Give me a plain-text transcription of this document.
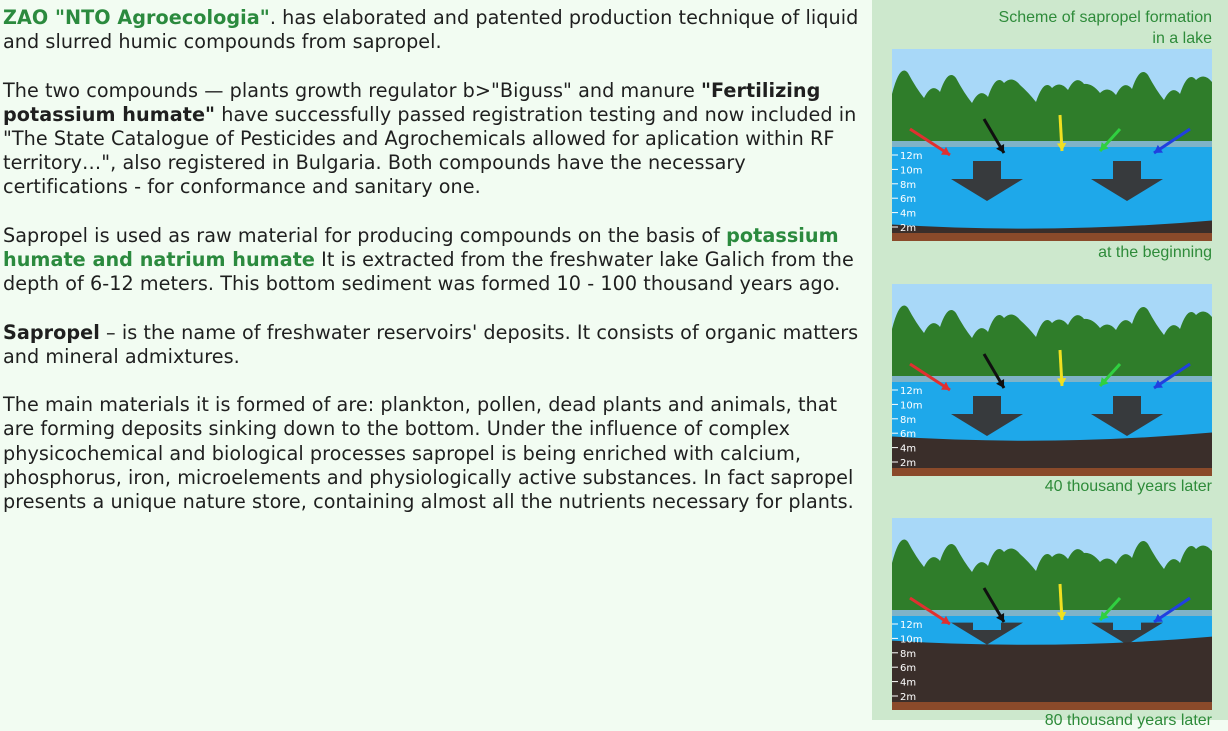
ZAO "NTO Agroecologia". has elaborated and patented production technique of liquid and slurred humic compounds from sapropel.

The two compounds — plants growth regulator b>"Biguss" and manure "Fertilizing potassium humate" have successfully passed registration testing and now included in "The State Catalogue of Pesticides and Agrochemicals allowed for aplication within RF territory…", also registered in Bulgaria. Both compounds have the necessary certifications - for conformance and sanitary one.

Sapropel is used as raw material for producing compounds on the basis of potassium humate and natrium humate It is extracted from the freshwater lake Galich from the depth of 6-12 meters. This bottom sediment was formed 10 - 100 thousand years ago.

Sapropel – is the name of freshwater reservoirs' deposits. It consists of organic matters and mineral admixtures.

The main materials it is formed of are: plankton, pollen, dead plants and animals, that are forming deposits sinking down to the bottom. Under the influence of complex physicochemical and biological processes sapropel is being enriched with calcium, phosphorus, iron, microelements and physiologically active substances. In fact sapropel presents a unique nature store, containing almost all the nutrients necessary for plants.

Scheme of sapropel formation
in a lake
12m
10m
8m
6m
4m
2m
at the beginning
12m
10m
8m
6m
4m
2m
40 thousand years later
12m
10m
8m
6m
4m
2m
80 thousand years later
